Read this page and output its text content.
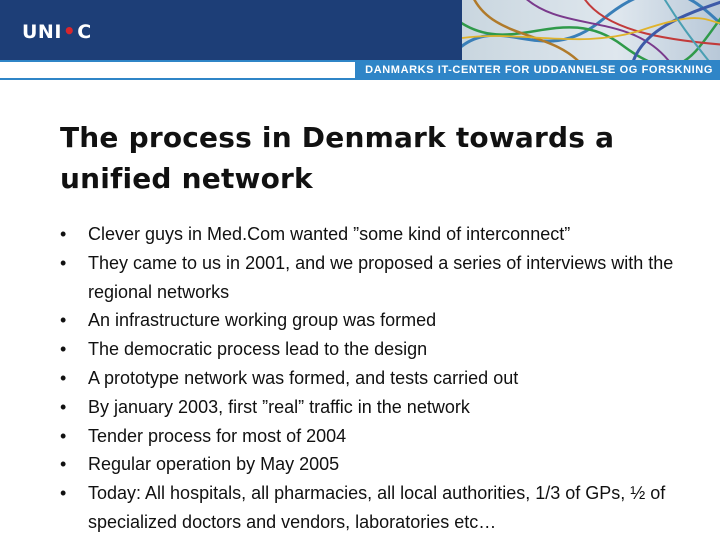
UNI•C
DANMARKS IT-CENTER FOR UDDANNELSE OG FORSKNING
The process in Denmark towards a unified network
• Clever guys in Med.Com wanted ”some kind of interconnect”
• They came to us in 2001, and we proposed a series of interviews with the regional networks
• An infrastructure working group was formed
• The democratic process lead to the design
• A prototype network was formed, and tests carried out
• By january 2003, first ”real” traffic in the network
• Tender process for most of 2004
• Regular operation by May 2005
• Today: All hospitals, all pharmacies, all local authorities, 1/3 of GPs, ½ of specialized doctors and vendors, laboratories etc…
